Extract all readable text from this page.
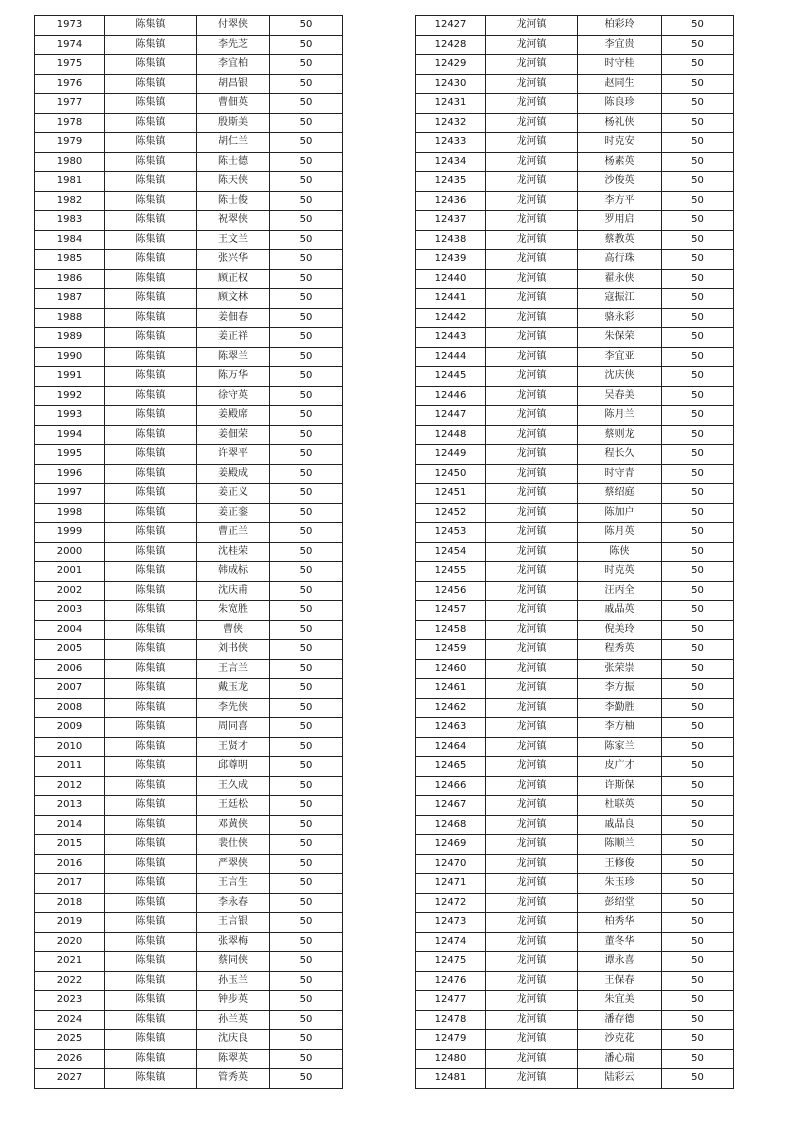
1973	陈集镇	付翠侠	50
1974	陈集镇	李先芝	50
1975	陈集镇	李宜柏	50
1976	陈集镇	胡昌银	50
1977	陈集镇	曹佃英	50
1978	陈集镇	殷斯美	50
1979	陈集镇	胡仁兰	50
1980	陈集镇	陈士德	50
1981	陈集镇	陈天侠	50
1982	陈集镇	陈士俊	50
1983	陈集镇	祝翠侠	50
1984	陈集镇	王文兰	50
1985	陈集镇	张兴华	50
1986	陈集镇	顾正权	50
1987	陈集镇	顾文林	50
1988	陈集镇	姜佃春	50
1989	陈集镇	姜正祥	50
1990	陈集镇	陈翠兰	50
1991	陈集镇	陈万华	50
1992	陈集镇	徐守英	50
1993	陈集镇	姜殿席	50
1994	陈集镇	姜佃荣	50
1995	陈集镇	许翠平	50
1996	陈集镇	姜殿成	50
1997	陈集镇	姜正义	50
1998	陈集镇	姜正銮	50
1999	陈集镇	曹正兰	50
2000	陈集镇	沈桂荣	50
2001	陈集镇	韩成标	50
2002	陈集镇	沈庆甫	50
2003	陈集镇	朱宽胜	50
2004	陈集镇	曹侠	50
2005	陈集镇	刘书侠	50
2006	陈集镇	王言兰	50
2007	陈集镇	戴玉龙	50
2008	陈集镇	李先侠	50
2009	陈集镇	周同喜	50
2010	陈集镇	王贤才	50
2011	陈集镇	邱尊明	50
2012	陈集镇	王久成	50
2013	陈集镇	王廷松	50
2014	陈集镇	邓黄侠	50
2015	陈集镇	裴仕侠	50
2016	陈集镇	严翠侠	50
2017	陈集镇	王言生	50
2018	陈集镇	李永春	50
2019	陈集镇	王言银	50
2020	陈集镇	张翠梅	50
2021	陈集镇	蔡同侠	50
2022	陈集镇	孙玉兰	50
2023	陈集镇	钟步英	50
2024	陈集镇	孙兰英	50
2025	陈集镇	沈庆良	50
2026	陈集镇	陈翠英	50
2027	陈集镇	管秀英	50
12427	龙河镇	柏彩玲	50
12428	龙河镇	李宜贵	50
12429	龙河镇	时守桂	50
12430	龙河镇	赵同生	50
12431	龙河镇	陈良珍	50
12432	龙河镇	杨礼侠	50
12433	龙河镇	时克安	50
12434	龙河镇	杨素英	50
12435	龙河镇	沙俊英	50
12436	龙河镇	李方平	50
12437	龙河镇	罗用启	50
12438	龙河镇	蔡教英	50
12439	龙河镇	高行珠	50
12440	龙河镇	翟永侠	50
12441	龙河镇	寇振江	50
12442	龙河镇	骆永彩	50
12443	龙河镇	朱保荣	50
12444	龙河镇	李宜亚	50
12445	龙河镇	沈庆侠	50
12446	龙河镇	吴春美	50
12447	龙河镇	陈月兰	50
12448	龙河镇	蔡则龙	50
12449	龙河镇	程长久	50
12450	龙河镇	时守青	50
12451	龙河镇	蔡绍庭	50
12452	龙河镇	陈加户	50
12453	龙河镇	陈月英	50
12454	龙河镇	陈侠	50
12455	龙河镇	时克英	50
12456	龙河镇	汪丙全	50
12457	龙河镇	戚晶英	50
12458	龙河镇	倪美玲	50
12459	龙河镇	程秀英	50
12460	龙河镇	张荣崇	50
12461	龙河镇	李方振	50
12462	龙河镇	李勤胜	50
12463	龙河镇	李方柚	50
12464	龙河镇	陈家兰	50
12465	龙河镇	皮广才	50
12466	龙河镇	许斯保	50
12467	龙河镇	杜联英	50
12468	龙河镇	戚晶良	50
12469	龙河镇	陈顺兰	50
12470	龙河镇	王修俊	50
12471	龙河镇	朱玉珍	50
12472	龙河镇	彭绍堂	50
12473	龙河镇	柏秀华	50
12474	龙河镇	董冬华	50
12475	龙河镇	谭永喜	50
12476	龙河镇	王保春	50
12477	龙河镇	朱宜美	50
12478	龙河镇	潘存德	50
12479	龙河镇	沙克花	50
12480	龙河镇	潘心瑞	50
12481	龙河镇	陆彩云	50
